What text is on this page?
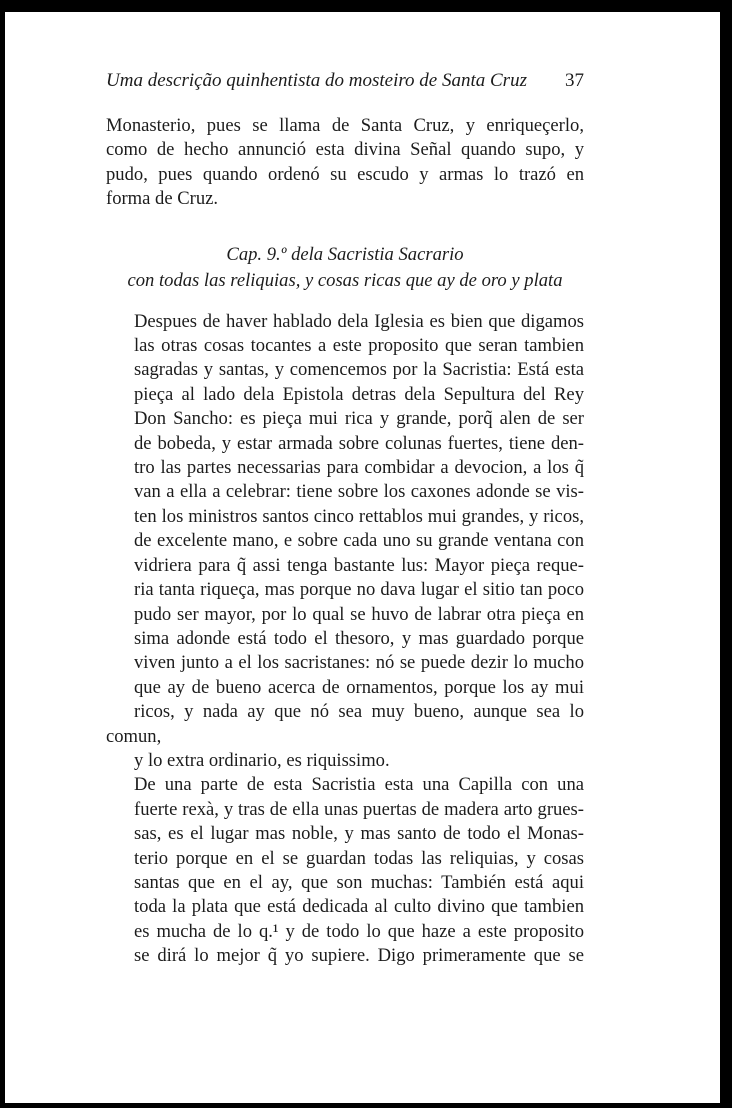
Uma descrição quinhentista do mosteiro de Santa Cruz 37

Monasterio, pues se llama de Santa Cruz, y enriqueçerlo,
como de hecho annunció esta divina Señal quando supo, y
pudo, pues quando ordenó su escudo y armas lo trazó en
forma de Cruz.

Cap. 9.º dela Sacristia Sacrario
con todas las reliquias, y cosas ricas que ay de oro y plata

Despues de haver hablado dela Iglesia es bien que digamos
las otras cosas tocantes a este proposito que seran tambien
sagradas y santas, y comencemos por la Sacristia: Está esta
pieça al lado dela Epistola detras dela Sepultura del Rey
Don Sancho: es pieça mui rica y grande, porq̃ alen de ser
de bobeda, y estar armada sobre colunas fuertes, tiene den-
tro las partes necessarias para combidar a devocion, a los q̃
van a ella a celebrar: tiene sobre los caxones adonde se vis-
ten los ministros santos cinco rettablos mui grandes, y ricos,
de excelente mano, e sobre cada uno su grande ventana con
vidriera para q̃ assi tenga bastante lus: Mayor pieça reque-
ria tanta riqueça, mas porque no dava lugar el sitio tan poco
pudo ser mayor, por lo qual se huvo de labrar otra pieça en
sima adonde está todo el thesoro, y mas guardado porque
viven junto a el los sacristanes: nó se puede dezir lo mucho
que ay de bueno acerca de ornamentos, porque los ay mui
ricos, y nada ay que nó sea muy bueno, aunque sea lo comun,
y lo extra ordinario, es riquissimo.

De una parte de esta Sacristia esta una Capilla con una
fuerte rexà, y tras de ella unas puertas de madera arto grues-
sas, es el lugar mas noble, y mas santo de todo el Monas-
terio porque en el se guardan todas las reliquias, y cosas
santas que en el ay, que son muchas: También está aqui
toda la plata que está dedicada al culto divino que tambien
es mucha de lo q.¹ y de todo lo que haze a este proposito
se dirá lo mejor q̃ yo supiere. Digo primeramente que se
